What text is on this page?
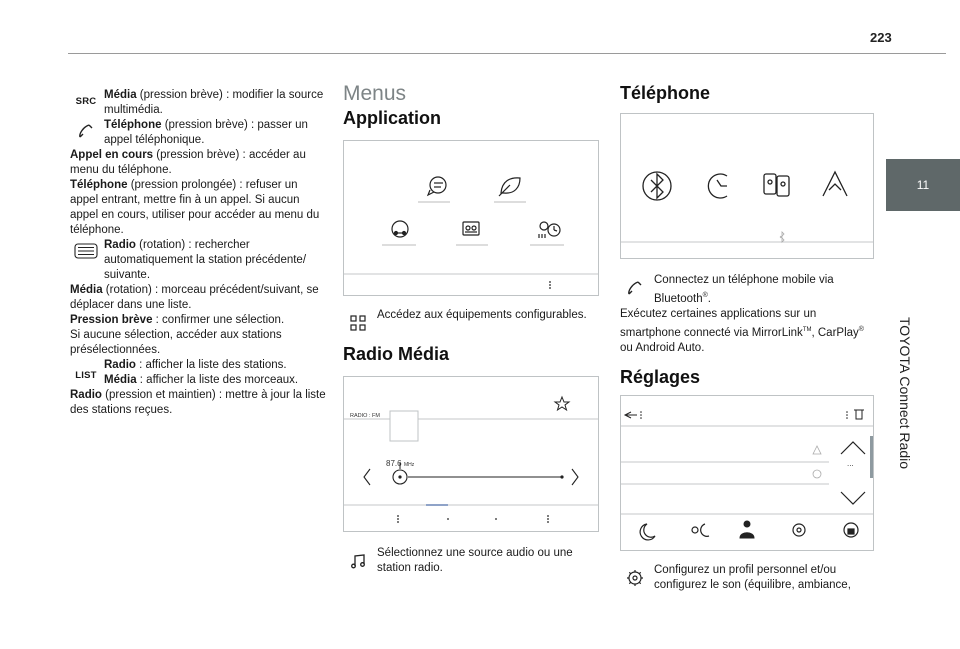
223
11
TOYOTA Connect Radio
SRC Média (pression brève) : modifier la source multimédia.
Téléphone (pression brève) : passer un appel téléphonique.

Appel en cours (pression brève) : accéder au menu du téléphone.

Téléphone (pression prolongée) : refuser un appel entrant, mettre fin à un appel. Si aucun appel en cours, utiliser pour accéder au menu du téléphone.

Radio (rotation) : rechercher automatiquement la station précédente/ suivante.

Média (rotation) : morceau précédent/suivant, se déplacer dans une liste.

Pression brève : confirmer une sélection.

Si aucune sélection, accéder aux stations présélectionnées.

LIST
Radio : afficher la liste des stations.
Média : afficher la liste des morceaux.

Radio (pression et maintien) : mettre à jour la liste des stations reçues.

Menus
Application
Accédez aux équipements configurables.
Radio Média
RADIO : FM
87.6 MHz
Sélectionnez une source audio ou une station radio.
Téléphone
Connectez un téléphone mobile via Bluetooth®.

Exécutez certaines applications sur un smartphone connecté via MirrorLink™, CarPlay® ou Android Auto.

Réglages
...
Configurez un profil personnel et/ou configurez le son (équilibre, ambiance,
